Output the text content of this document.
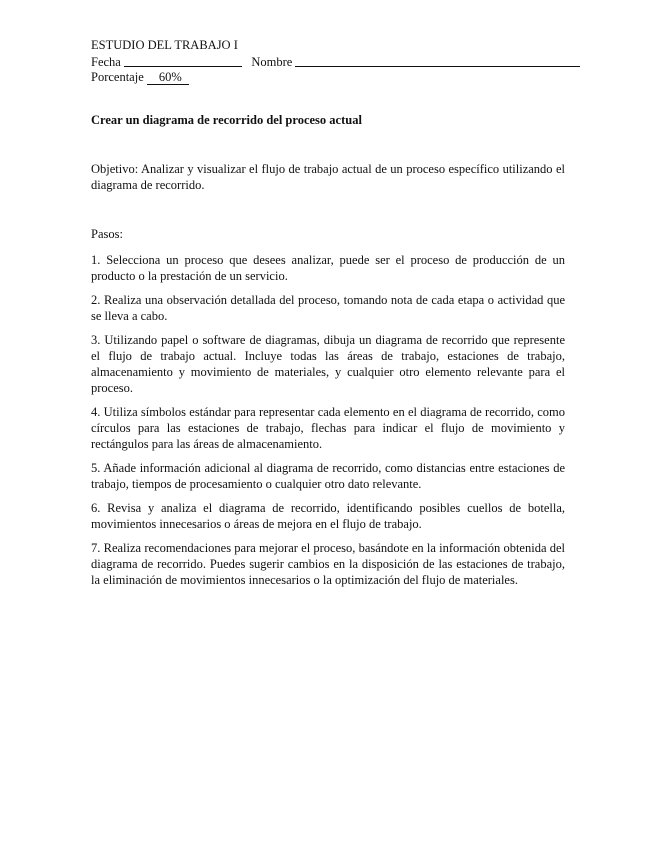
ESTUDIO DEL TRABAJO I
Fecha	Nombre
Porcentaje 60%
Crear un diagrama de recorrido del proceso actual
Objetivo: Analizar y visualizar el flujo de trabajo actual de un proceso específico utilizando el diagrama de recorrido.
Pasos:
1. Selecciona un proceso que desees analizar, puede ser el proceso de producción de un producto o la prestación de un servicio.
2. Realiza una observación detallada del proceso, tomando nota de cada etapa o actividad que se lleva a cabo.
3. Utilizando papel o software de diagramas, dibuja un diagrama de recorrido que represente el flujo de trabajo actual. Incluye todas las áreas de trabajo, estaciones de trabajo, almacenamiento y movimiento de materiales, y cualquier otro elemento relevante para el proceso.
4. Utiliza símbolos estándar para representar cada elemento en el diagrama de recorrido, como círculos para las estaciones de trabajo, flechas para indicar el flujo de movimiento y rectángulos para las áreas de almacenamiento.
5. Añade información adicional al diagrama de recorrido, como distancias entre estaciones de trabajo, tiempos de procesamiento o cualquier otro dato relevante.
6. Revisa y analiza el diagrama de recorrido, identificando posibles cuellos de botella, movimientos innecesarios o áreas de mejora en el flujo de trabajo.
7. Realiza recomendaciones para mejorar el proceso, basándote en la información obtenida del diagrama de recorrido. Puedes sugerir cambios en la disposición de las estaciones de trabajo, la eliminación de movimientos innecesarios o la optimización del flujo de materiales.
